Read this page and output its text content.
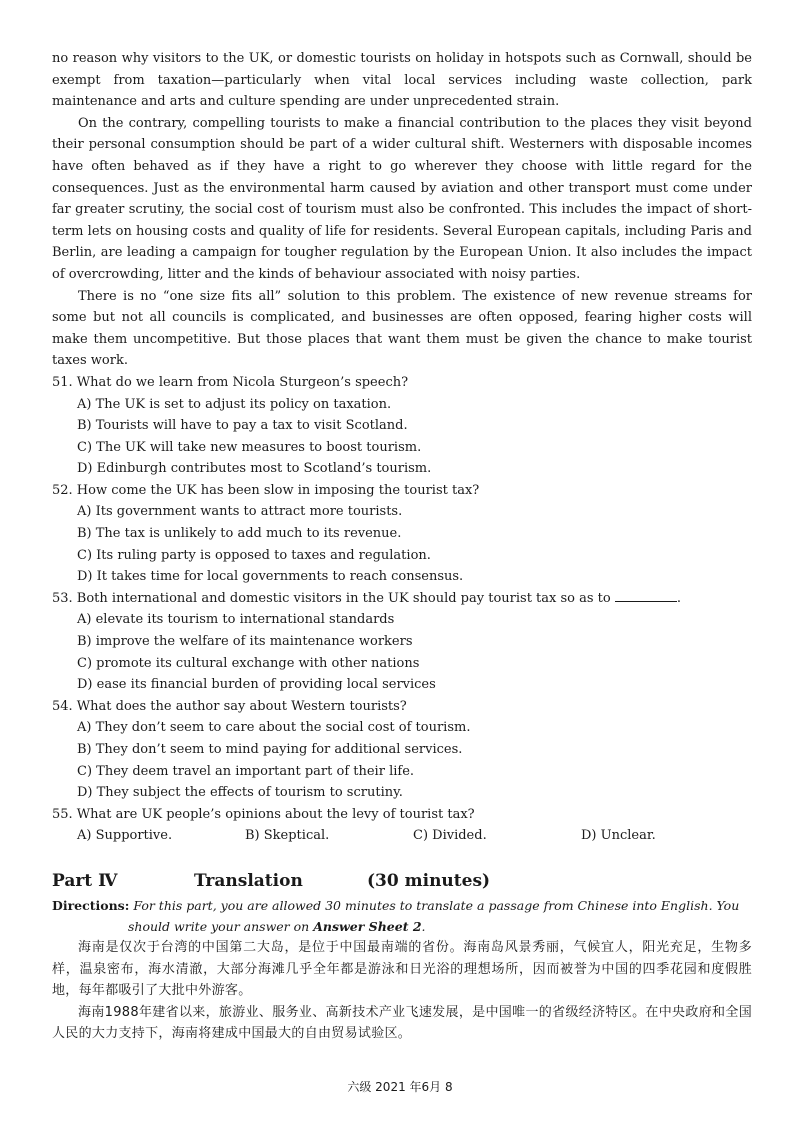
no reason why visitors to the UK, or domestic tourists on holiday in hotspots such as Cornwall, should be exempt from taxation—particularly when vital local services including waste collection, park maintenance and arts and culture spending are under unprecedented strain.

On the contrary, compelling tourists to make a financial contribution to the places they visit beyond their personal consumption should be part of a wider cultural shift. Westerners with disposable incomes have often behaved as if they have a right to go wherever they choose with little regard for the consequences. Just as the environmental harm caused by aviation and other transport must come under far greater scrutiny, the social cost of tourism must also be confronted. This includes the impact of short-term lets on housing costs and quality of life for residents. Several European capitals, including Paris and Berlin, are leading a campaign for tougher regulation by the European Union. It also includes the impact of overcrowding, litter and the kinds of behaviour associated with noisy parties.

There is no “one size fits all” solution to this problem. The existence of new revenue streams for some but not all councils is complicated, and businesses are often opposed, fearing higher costs will make them uncompetitive. But those places that want them must be given the chance to make tourist taxes work.

51. What do we learn from Nicola Sturgeon’s speech?

A) The UK is set to adjust its policy on taxation.

B) Tourists will have to pay a tax to visit Scotland.

C) The UK will take new measures to boost tourism.

D) Edinburgh contributes most to Scotland’s tourism.

52. How come the UK has been slow in imposing the tourist tax?

A) Its government wants to attract more tourists.

B) The tax is unlikely to add much to its revenue.

C) Its ruling party is opposed to taxes and regulation.

D) It takes time for local governments to reach consensus.

53. Both international and domestic visitors in the UK should pay tourist tax so as to	.

A) elevate its tourism to international standards

B) improve the welfare of its maintenance workers

C) promote its cultural exchange with other nations

D) ease its financial burden of providing local services

54. What does the author say about Western tourists?

A) They don’t seem to care about the social cost of tourism.

B) They don’t seem to mind paying for additional services.

C) They deem travel an important part of their life.

D) They subject the effects of tourism to scrutiny.

55. What are UK people’s opinions about the levy of tourist tax?

A) Supportive.	B) Skeptical.	C) Divided.	D) Unclear.
Part Ⅳ	Translation	(30 minutes)

Directions: For this part, you are allowed 30 minutes to translate a passage from Chinese into English. You
should write your answer on Answer Sheet 2.

海南是仅次于台湾的中国第二大岛，是位于中国最南端的省份。海南岛风景秀丽，气候宜人，阳光充足，生物多样，温泉密布，海水清澈，大部分海滩几乎全年都是游泳和日光浴的理想场所，因而被誉为中国的四季花园和度假胜地，每年都吸引了大批中外游客。

海南1988年建省以来，旅游业、服务业、高新技术产业飞速发展，是中国唯一的省级经济特区。在中央政府和全国人民的大力支持下，海南将建成中国最大的自由贸易试验区。

六级 2021 年6月 8
